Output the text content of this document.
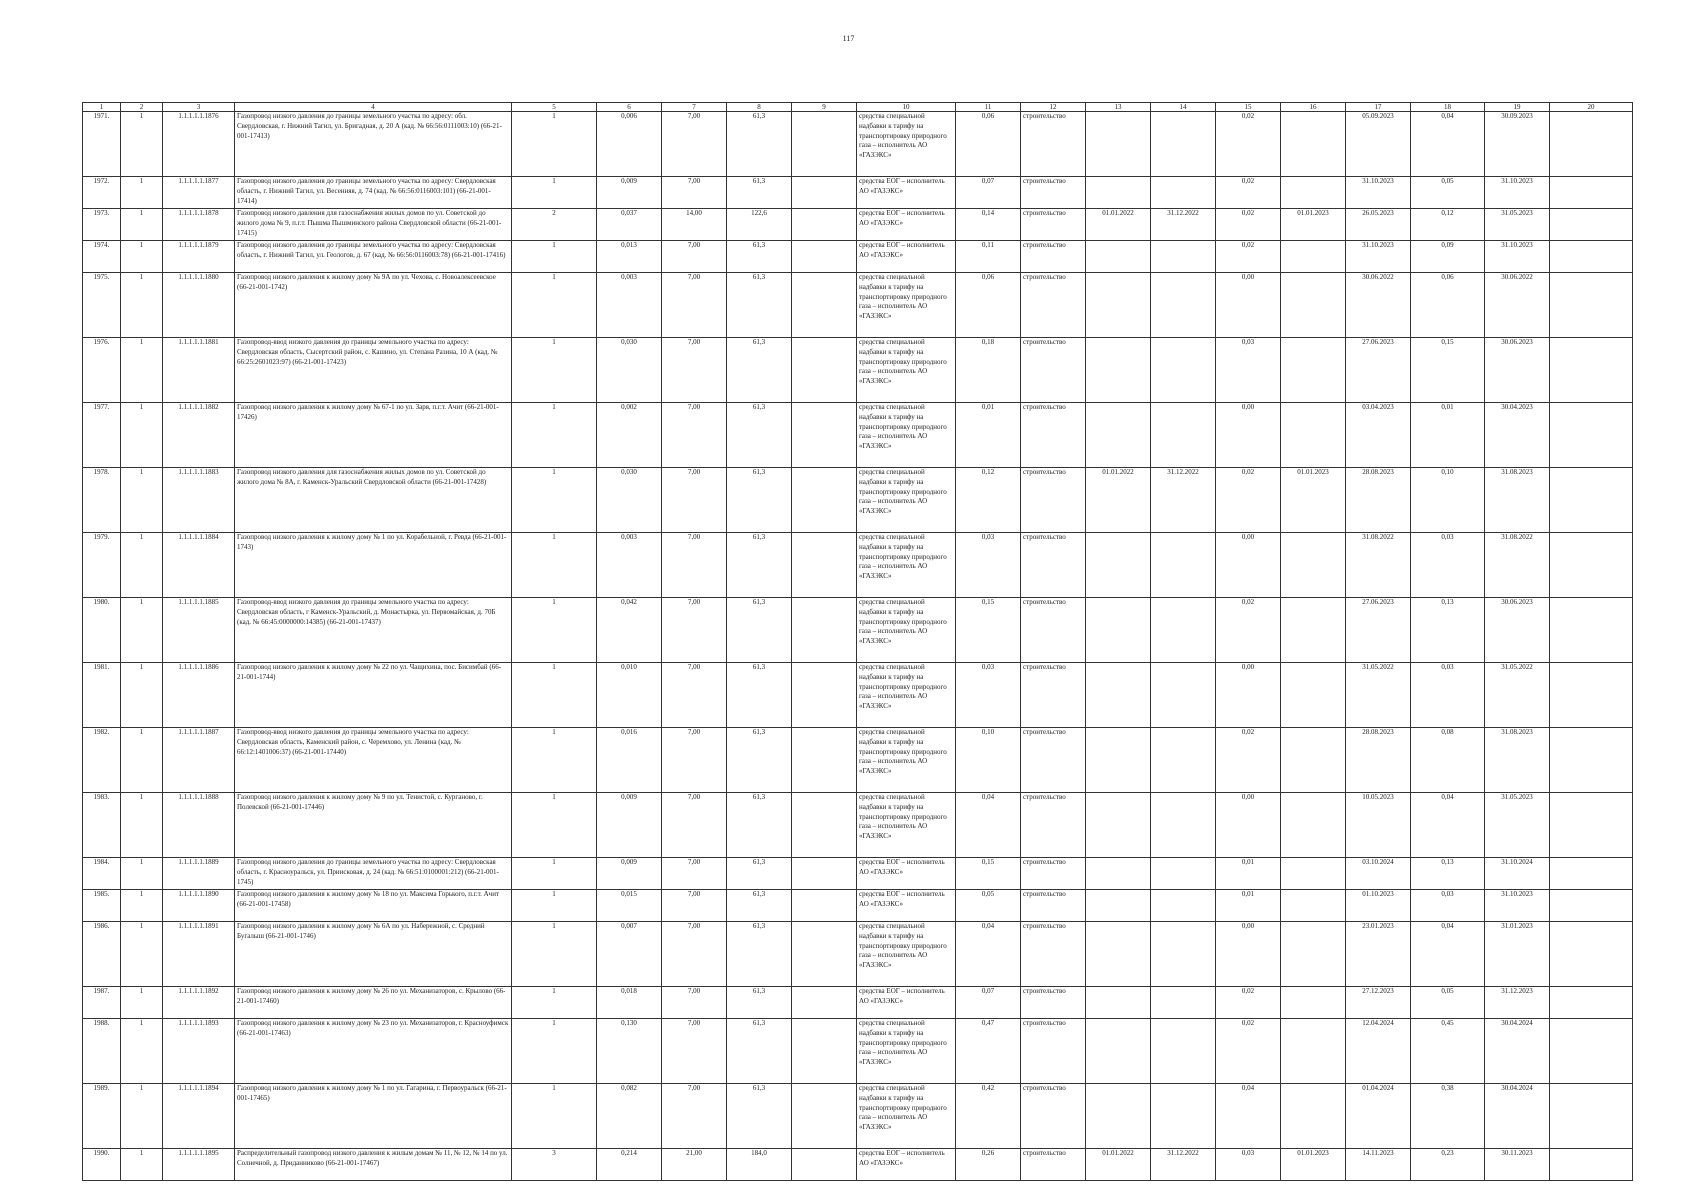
117
1	2	3	4	5	6	7	8	9	10	11	12	13	14	15	16	17	18	19	20
1971.	1	1.1.1.1.1.1876	Газопровод низкого давления до границы земельного участка по адресу: обл. Свердловская, г. Нижний Тагил, ул. Бригадная, д. 20 А (кад. № 66:56:0111003:10) (66-21-001-17413)	1	0,006	7,00	61,3		средства специальной надбавки к тарифу на транспортировку природного газа – исполнитель АО «ГАЗЭКС»	0,06	строительство			0,02		05.09.2023	0,04	30.09.2023	
1972.	1	1.1.1.1.1.1877	Газопровод низкого давления до границы земельного участка по адресу: Свердловская область, г. Нижний Тагил, ул. Весенняя, д. 74 (кад. № 66:56:0116003:101) (66-21-001-17414)	1	0,009	7,00	61,3		средства ЕОГ – исполнитель АО «ГАЗЭКС»	0,07	строительство			0,02		31.10.2023	0,05	31.10.2023	
1973.	1	1.1.1.1.1.1878	Газопровод низкого давления для газоснабжения жилых домов по ул. Советской до жилого дома № 9, п.г.т. Пышма Пышминского района Свердловской области (66-21-001-17415)	2	0,037	14,00	122,6		средства ЕОГ – исполнитель АО «ГАЗЭКС»	0,14	строительство	01.01.2022	31.12.2022	0,02	01.01.2023	26.05.2023	0,12	31.05.2023	
1974.	1	1.1.1.1.1.1879	Газопровод низкого давления до границы земельного участка по адресу: Свердловская область, г. Нижний Тагил, ул. Геологов, д. 67 (кад. № 66:56:0116003:78) (66-21-001-17416)	1	0,013	7,00	61,3		средства ЕОГ – исполнитель АО «ГАЗЭКС»	0,11	строительство			0,02		31.10.2023	0,09	31.10.2023	
1975.	1	1.1.1.1.1.1880	Газопровод низкого давления к жилому дому № 9А по ул. Чехова, с. Новоалексеевское (66-21-001-1742)	1	0,003	7,00	61,3		средства специальной надбавки к тарифу на транспортировку природного газа – исполнитель АО «ГАЗЭКС»	0,06	строительство			0,00		30.06.2022	0,06	30.06.2022	
1976.	1	1.1.1.1.1.1881	Газопровод-ввод низкого давления до границы земельного участка по адресу: Свердловская область, Сысертский район, с. Кашино, ул. Степана Разина, 10 А (кад. № 66:25:2601023:97) (66-21-001-17423)	1	0,030	7,00	61,3		средства специальной надбавки к тарифу на транспортировку природного газа – исполнитель АО «ГАЗЭКС»	0,18	строительство			0,03		27.06.2023	0,15	30.06.2023	
1977.	1	1.1.1.1.1.1882	Газопровод низкого давления к жилому дому № 67-1 по ул. Заря, п.г.т. Ачит (66-21-001-17426)	1	0,002	7,00	61,3		средства специальной надбавки к тарифу на транспортировку природного газа – исполнитель АО «ГАЗЭКС»	0,01	строительство			0,00		03.04.2023	0,01	30.04.2023	
1978.	1	1.1.1.1.1.1883	Газопровод низкого давления для газоснабжения жилых домов по ул. Советской до жилого дома № 8А, г. Каменск-Уральский Свердловской области (66-21-001-17428)	1	0,030	7,00	61,3		средства специальной надбавки к тарифу на транспортировку природного газа – исполнитель АО «ГАЗЭКС»	0,12	строительство	01.01.2022	31.12.2022	0,02	01.01.2023	28.08.2023	0,10	31.08.2023	
1979.	1	1.1.1.1.1.1884	Газопровод низкого давления к жилому дому № 1 по ул. Корабельной, г. Ревда (66-21-001-1743)	1	0,003	7,00	61,3		средства специальной надбавки к тарифу на транспортировку природного газа – исполнитель АО «ГАЗЭКС»	0,03	строительство			0,00		31.08.2022	0,03	31.08.2022	
1980.	1	1.1.1.1.1.1885	Газопровод-ввод низкого давления до границы земельного участка по адресу: Свердловская область, г Каменск-Уральский, д. Монастырка, ул. Первомайская, д. 70Б (кад. № 66:45:0000000:14385) (66-21-001-17437)	1	0,042	7,00	61,3		средства специальной надбавки к тарифу на транспортировку природного газа – исполнитель АО «ГАЗЭКС»	0,15	строительство			0,02		27.06.2023	0,13	30.06.2023	
1981.	1	1.1.1.1.1.1886	Газопровод низкого давления к жилому дому № 22 по ул. Чащихина, пос. Бисимбай (66-21-001-1744)	1	0,010	7,00	61,3		средства специальной надбавки к тарифу на транспортировку природного газа – исполнитель АО «ГАЗЭКС»	0,03	строительство			0,00		31.05.2022	0,03	31.05.2022	
1982.	1	1.1.1.1.1.1887	Газопровод-ввод низкого давления до границы земельного участка по адресу: Свердловская область, Каменский район, с. Черемхово, ул. Ленина (кад. № 66:12:1401006:37) (66-21-001-17440)	1	0,016	7,00	61,3		средства специальной надбавки к тарифу на транспортировку природного газа – исполнитель АО «ГАЗЭКС»	0,10	строительство			0,02		28.08.2023	0,08	31.08.2023	
1983.	1	1.1.1.1.1.1888	Газопровод низкого давления к жилому дому № 9 по ул. Тенистой, с. Курганово, г. Полевской (66-21-001-17446)	1	0,009	7,00	61,3		средства специальной надбавки к тарифу на транспортировку природного газа – исполнитель АО «ГАЗЭКС»	0,04	строительство			0,00		10.05.2023	0,04	31.05.2023	
1984.	1	1.1.1.1.1.1889	Газопровод низкого давления до границы земельного участка по адресу: Свердловская область, г. Красноуральск, ул. Приисковая, д. 24 (кад. № 66:51:0100001:212) (66-21-001-1745)	1	0,009	7,00	61,3		средства ЕОГ – исполнитель АО «ГАЗЭКС»	0,15	строительство			0,01		03.10.2024	0,13	31.10.2024	
1985.	1	1.1.1.1.1.1890	Газопровод низкого давления к жилому дому № 18 по ул. Максима Горького, п.г.т. Ачит (66-21-001-17458)	1	0,015	7,00	61,3		средства ЕОГ – исполнитель АО «ГАЗЭКС»	0,05	строительство			0,01		01.10.2023	0,03	31.10.2023	
1986.	1	1.1.1.1.1.1891	Газопровод низкого давления к жилому дому № 6А по ул. Набережной, с. Средний Бугалыш (66-21-001-1746)	1	0,007	7,00	61,3		средства специальной надбавки к тарифу на транспортировку природного газа – исполнитель АО «ГАЗЭКС»	0,04	строительство			0,00		23.01.2023	0,04	31.01.2023	
1987.	1	1.1.1.1.1.1892	Газопровод низкого давления к жилому дому № 26 по ул. Механизаторов, с. Крылово (66-21-001-17460)	1	0,018	7,00	61,3		средства ЕОГ – исполнитель АО «ГАЗЭКС»	0,07	строительство			0,02		27.12.2023	0,05	31.12.2023	
1988.	1	1.1.1.1.1.1893	Газопровод низкого давления к жилому дому № 23 по ул. Механизаторов, г. Красноуфимск (66-21-001-17463)	1	0,130	7,00	61,3		средства специальной надбавки к тарифу на транспортировку природного газа – исполнитель АО «ГАЗЭКС»	0,47	строительство			0,02		12.04.2024	0,45	30.04.2024	
1989.	1	1.1.1.1.1.1894	Газопровод низкого давления к жилому дому № 1 по ул. Гагарина, г. Первоуральск (66-21-001-17465)	1	0,082	7,00	61,3		средства специальной надбавки к тарифу на транспортировку природного газа – исполнитель АО «ГАЗЭКС»	0,42	строительство			0,04		01.04.2024	0,38	30.04.2024	
1990.	1	1.1.1.1.1.1895	Распределительный газопровод низкого давления к жилым домам № 11, № 12, № 14 по ул. Солнечной, д. Приданниково (66-21-001-17467)	3	0,214	21,00	184,0		средства ЕОГ – исполнитель АО «ГАЗЭКС»	0,26	строительство	01.01.2022	31.12.2022	0,03	01.01.2023	14.11.2023	0,23	30.11.2023	
